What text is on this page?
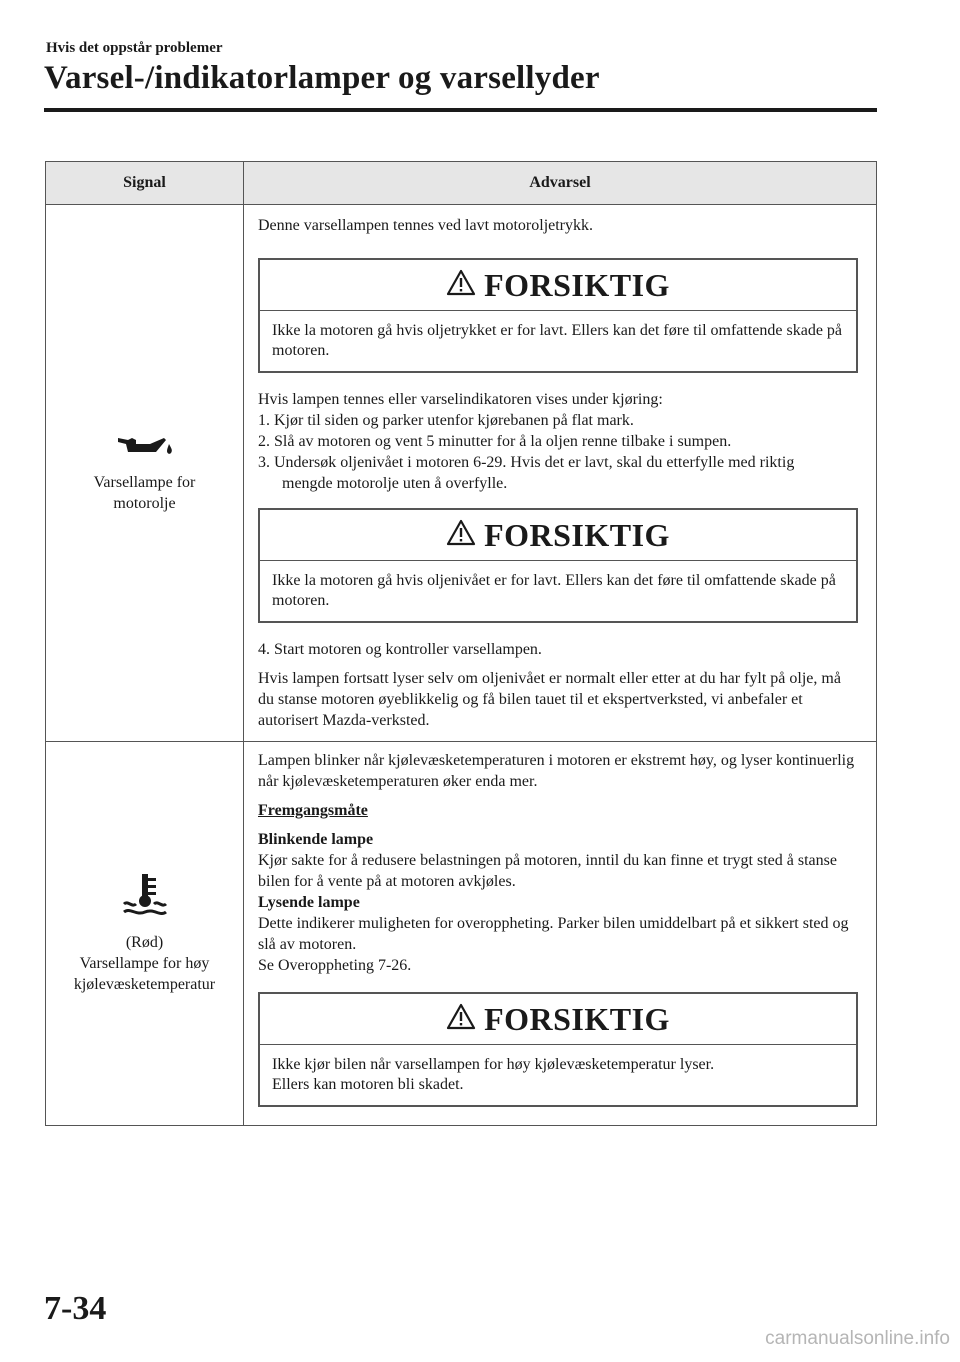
Hvis det oppstår problemer
Varsel-/indikatorlamper og varsellyder
Signal	Advarsel
Varsellampe for
motorolje

Denne varsellampen tennes ved lavt motoroljetrykk.

FORSIKTIG
Ikke la motoren gå hvis oljetrykket er for lavt. Ellers kan det føre til omfattende skade på motoren.
Hvis lampen tennes eller varselindikatoren vises under kjøring:
1. Kjør til siden og parker utenfor kjørebanen på flat mark.
2. Slå av motoren og vent 5 minutter for å la oljen renne tilbake i sumpen.
3. Undersøk oljenivået i motoren 6-29. Hvis det er lavt, skal du etterfylle med riktig
mengde motorolje uten å overfylle.
FORSIKTIG
Ikke la motoren gå hvis oljenivået er for lavt. Ellers kan det føre til omfattende skade på motoren.

4. Start motoren og kontroller varsellampen.

Hvis lampen fortsatt lyser selv om oljenivået er normalt eller etter at du har fylt på olje, må du stanse motoren øyeblikkelig og få bilen tauet til et ekspertverksted, vi anbefaler et autorisert Mazda-verksted.

(Rød)
Varsellampe for høy
kjølevæsketemperatur

Lampen blinker når kjølevæsketemperaturen i motoren er ekstremt høy, og lyser kontinuerlig når kjølevæsketemperaturen øker enda mer.

Fremgangsmåte

Blinkende lampe

Kjør sakte for å redusere belastningen på motoren, inntil du kan finne et trygt sted å stanse bilen for å vente på at motoren avkjøles.

Lysende lampe

Dette indikerer muligheten for overoppheting. Parker bilen umiddelbart på et sikkert sted og slå av motoren.

Se Overoppheting 7-26.

FORSIKTIG
Ikke kjør bilen når varsellampen for høy kjølevæsketemperatur lyser.
Ellers kan motoren bli skadet.
7-34
carmanualsonline.info
